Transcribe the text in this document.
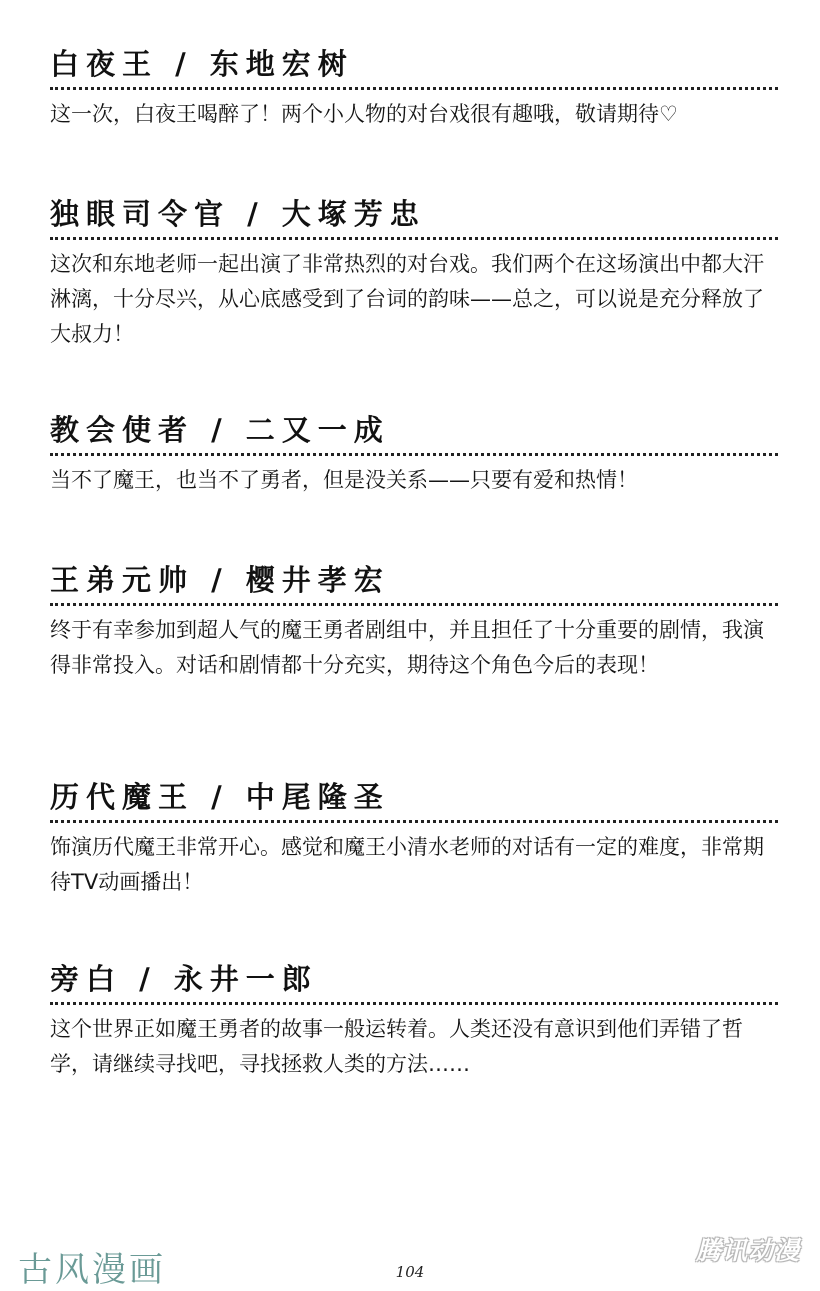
白夜王 / 东地宏树

这一次，白夜王喝醉了！两个小人物的对台戏很有趣哦，敬请期待♡

独眼司令官 / 大塚芳忠

这次和东地老师一起出演了非常热烈的对台戏。我们两个在这场演出中都大汗淋漓，十分尽兴，从心底感受到了台词的韵味——总之，可以说是充分释放了大叔力！

教会使者 / 二又一成

当不了魔王，也当不了勇者，但是没关系——只要有爱和热情！

王弟元帅 / 樱井孝宏

终于有幸参加到超人气的魔王勇者剧组中，并且担任了十分重要的剧情，我演得非常投入。对话和剧情都十分充实，期待这个角色今后的表现！

历代魔王 / 中尾隆圣

饰演历代魔王非常开心。感觉和魔王小清水老师的对话有一定的难度，非常期待TV动画播出！

旁白 / 永井一郎

这个世界正如魔王勇者的故事一般运转着。人类还没有意识到他们弄错了哲学，请继续寻找吧，寻找拯救人类的方法……

古风漫画	104
腾讯动漫
